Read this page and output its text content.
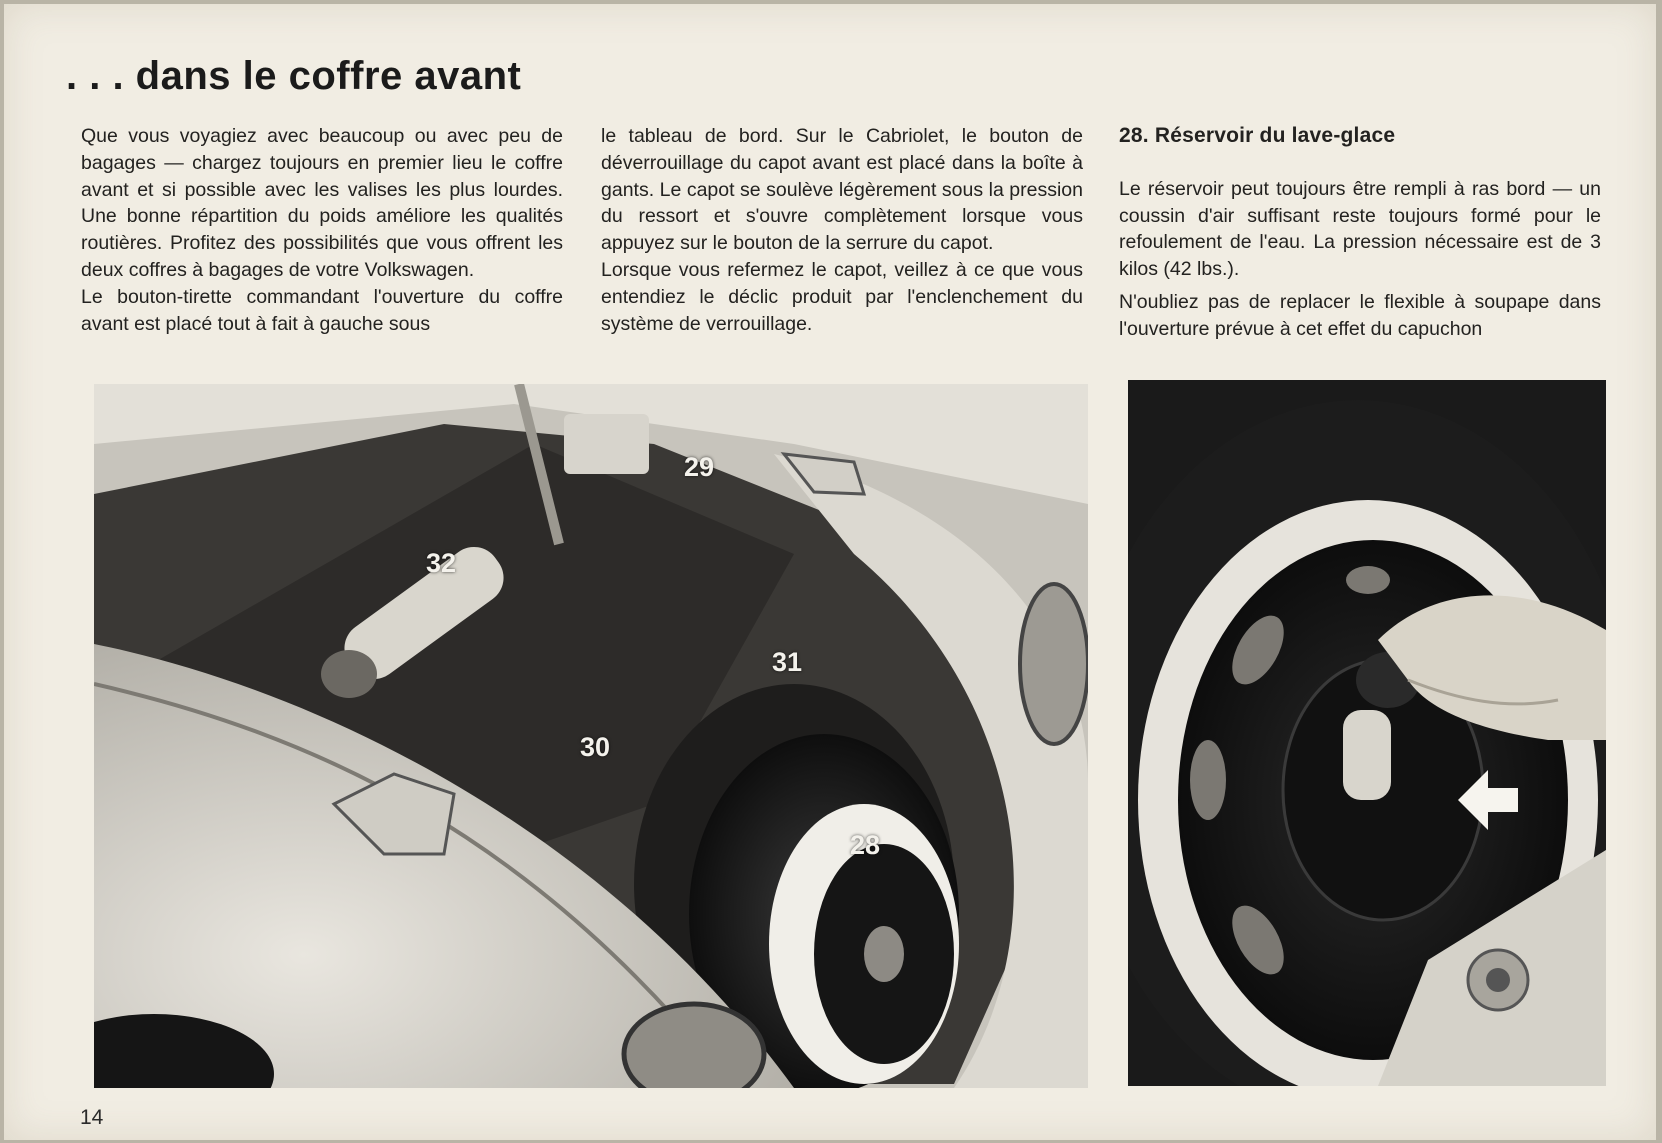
. . . dans le coffre avant

Que vous voyagiez avec beaucoup ou avec peu de bagages — chargez toujours en premier lieu le coffre avant et si possible avec les valises les plus lourdes. Une bonne répartition du poids améliore les qualités routières. Profitez des possibilités que vous offrent les deux coffres à bagages de votre Volkswagen.

Le bouton-tirette commandant l'ouverture du coffre avant est placé tout à fait à gauche sous

le tableau de bord. Sur le Cabriolet, le bouton de déverrouillage du capot avant est placé dans la boîte à gants. Le capot se soulève légèrement sous la pression du ressort et s'ouvre complètement lorsque vous appuyez sur le bouton de la serrure du capot.

Lorsque vous refermez le capot, veillez à ce que vous entendiez le déclic produit par l'enclenchement du système de verrouillage.

28. Réservoir du lave-glace

Le réservoir peut toujours être rempli à ras bord — un coussin d'air suffisant reste toujours formé pour le refoulement de l'eau. La pression nécessaire est de 3 kilos (42 lbs.).

N'oubliez pas de replacer le flexible à soupape dans l'ouverture prévue à cet effet du capuchon

29
32
31
30
28
14
